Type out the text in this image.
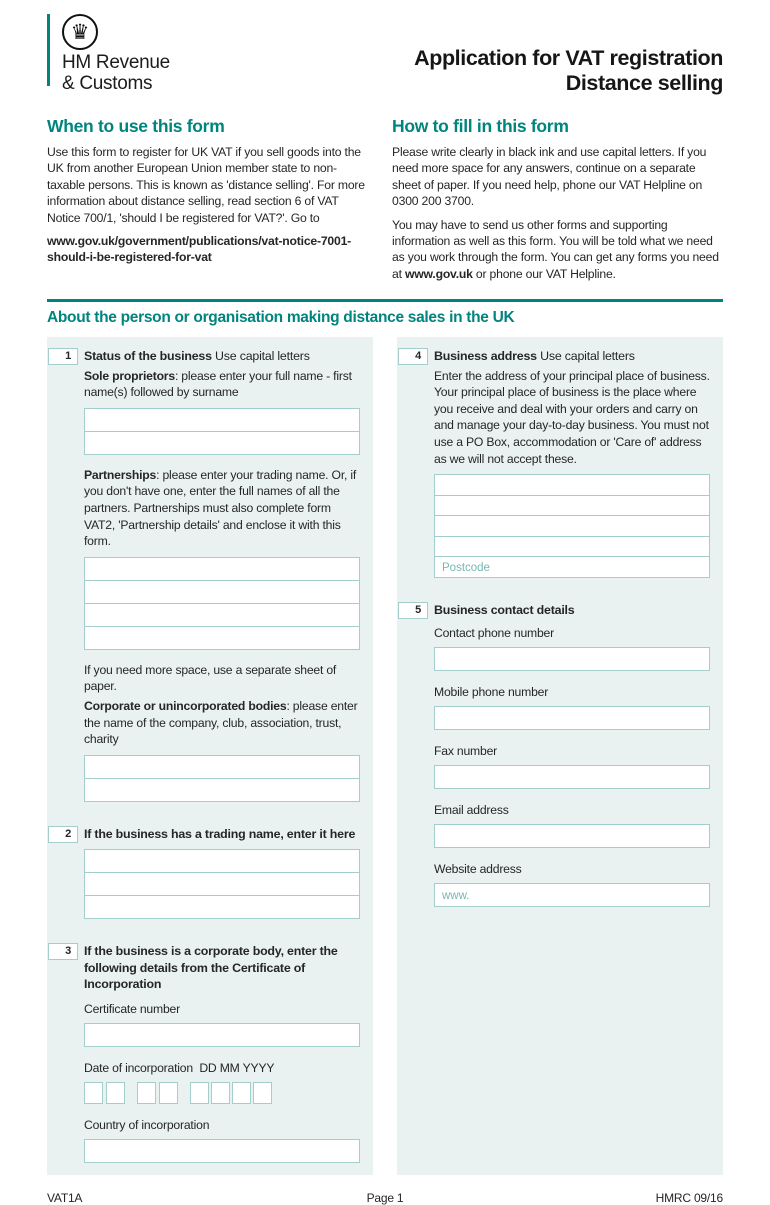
♛
HM Revenue
& Customs
Application for VAT registration
Distance selling
When to use this form

Use this form to register for UK VAT if you sell goods into the UK from another European Union member state to non-taxable persons. This is known as 'distance selling'. For more information about distance selling, read section 6 of VAT Notice 700/1, 'should I be registered for VAT?'. Go to

www.gov.uk/government/publications/vat-notice-7001-should-i-be-registered-for-vat
How to fill in this form

Please write clearly in black ink and use capital letters. If you need more space for any answers, continue on a separate sheet of paper. If you need help, phone our VAT Helpline on 0300 200 3700.

You may have to send us other forms and supporting information as well as this form. You will be told what we need as you work through the form. You can get any forms you need at www.gov.uk or phone our VAT Helpline.

About the person or organisation making distance sales in the UK
1	Status of the business Use capital letters
Sole proprietors: please enter your full name - first name(s) followed by surname
Partnerships: please enter your trading name. Or, if you don't have one, enter the full names of all the partners. Partnerships must also complete form VAT2, 'Partnership details' and enclose it with this form.
If you need more space, use a separate sheet of paper.
Corporate or unincorporated bodies: please enter the name of the company, club, association, trust, charity
2	If the business has a trading name, enter it here
3	If the business is a corporate body, enter the following details from the Certificate of Incorporation
Certificate number
Date of incorporation DD MM YYYY
Country of incorporation
4	Business address Use capital letters
Enter the address of your principal place of business. Your principal place of business is the place where you receive and deal with your orders and carry on and manage your day-to-day business. You must not use a PO Box, accommodation or 'Care of' address as we will not accept these.
Postcode
5	Business contact details
Contact phone number
Mobile phone number
Fax number
Email address
Website address
www.
VAT1A	Page 1	HMRC 09/16
